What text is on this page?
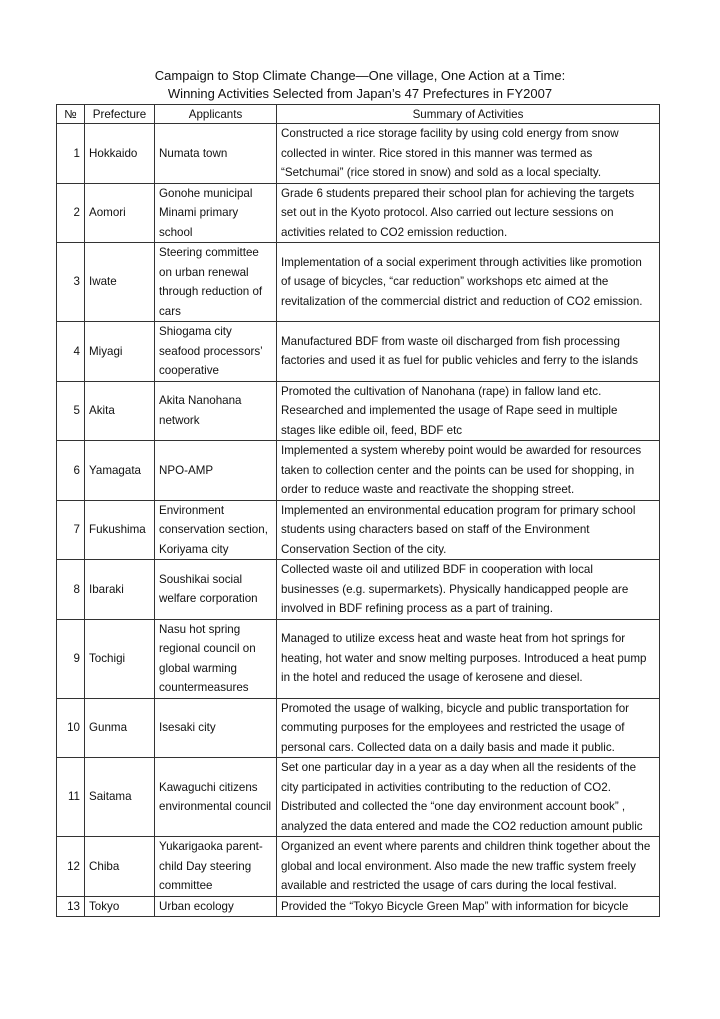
Campaign to Stop Climate Change—One village, One Action at a Time:
Winning Activities Selected from Japan’s 47 Prefectures in FY2007
№	Prefecture	Applicants	Summary of Activities
1	Hokkaido	Numata town	Constructed a rice storage facility by using cold energy from snow
collected in winter. Rice stored in this manner was termed as
“Setchumai” (rice stored in snow) and sold as a local specialty.

2	Aomori	Gonohe municipal Minami primary school	Grade 6 students prepared their school plan for achieving the targets
set out in the Kyoto protocol. Also carried out lecture sessions on
activities related to CO2 emission reduction.

3	Iwate	Steering committee on urban renewal through reduction of cars	Implementation of a social experiment through activities like promotion
of usage of bicycles, “car reduction” workshops etc aimed at the
revitalization of the commercial district and reduction of CO2 emission.

4	Miyagi	Shiogama city seafood processors’ cooperative	Manufactured BDF from waste oil discharged from fish processing
factories and used it as fuel for public vehicles and ferry to the islands

5	Akita	Akita Nanohana network	Promoted the cultivation of Nanohana (rape) in fallow land etc.
Researched and implemented the usage of Rape seed in multiple
stages like edible oil, feed, BDF etc

6	Yamagata	NPO-AMP	Implemented a system whereby point would be awarded for resources
taken to collection center and the points can be used for shopping, in
order to reduce waste and reactivate the shopping street.

7	Fukushima	Environment conservation section, Koriyama city	Implemented an environmental education program for primary school
students using characters based on staff of the Environment
Conservation Section of the city.

8	Ibaraki	Soushikai social welfare corporation	Collected waste oil and utilized BDF in cooperation with local
businesses (e.g. supermarkets). Physically handicapped people are
involved in BDF refining process as a part of training.

9	Tochigi	Nasu hot spring regional council on global warming countermeasures	Managed to utilize excess heat and waste heat from hot springs for
heating, hot water and snow melting purposes. Introduced a heat pump
in the hotel and reduced the usage of kerosene and diesel.

10	Gunma	Isesaki city	Promoted the usage of walking, bicycle and public transportation for
commuting purposes for the employees and restricted the usage of
personal cars. Collected data on a daily basis and made it public.

11	Saitama	Kawaguchi citizens environmental council	Set one particular day in a year as a day when all the residents of the
city participated in activities contributing to the reduction of CO2.
Distributed and collected the “one day environment account book” ,
analyzed the data entered and made the CO2 reduction amount public

12	Chiba	Yukarigaoka parent-child Day steering committee	Organized an event where parents and children think together about the
global and local environment. Also made the new traffic system freely
available and restricted the usage of cars during the local festival.

13	Tokyo	Urban ecology	Provided the “Tokyo Bicycle Green Map” with information for bicycle
